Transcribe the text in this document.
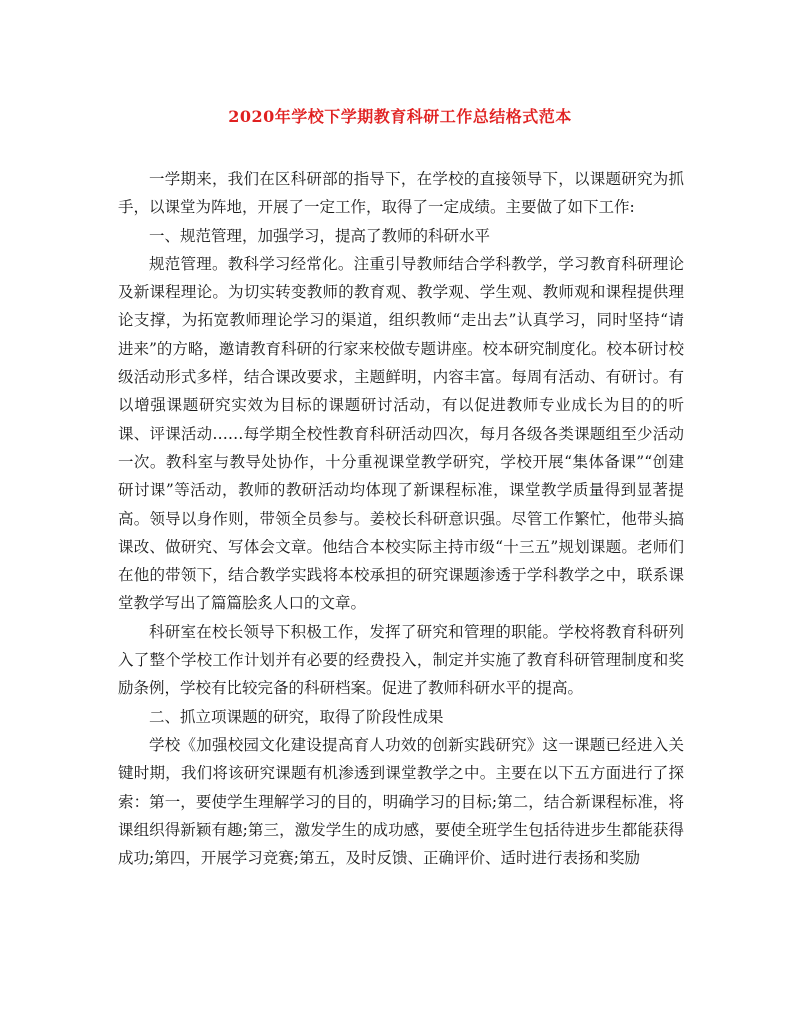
2020年学校下学期教育科研工作总结格式范本

一学期来，我们在区科研部的指导下，在学校的直接领导下，以课题研究为抓手，以课堂为阵地，开展了一定工作，取得了一定成绩。主要做了如下工作:

一、规范管理，加强学习，提高了教师的科研水平

规范管理。教科学习经常化。注重引导教师结合学科教学，学习教育科研理论及新课程理论。为切实转变教师的教育观、教学观、学生观、教师观和课程提供理论支撑，为拓宽教师理论学习的渠道，组织教师“走出去”认真学习，同时坚持“请进来”的方略，邀请教育科研的行家来校做专题讲座。校本研究制度化。校本研讨校级活动形式多样，结合课改要求，主题鲜明，内容丰富。每周有活动、有研讨。有以增强课题研究实效为目标的课题研讨活动，有以促进教师专业成长为目的的听课、评课活动……每学期全校性教育科研活动四次，每月各级各类课题组至少活动一次。教科室与教导处协作，十分重视课堂教学研究，学校开展“集体备课”“创建研讨课”等活动，教师的教研活动均体现了新课程标准，课堂教学质量得到显著提高。领导以身作则，带领全员参与。姜校长科研意识强。尽管工作繁忙，他带头搞课改、做研究、写体会文章。他结合本校实际主持市级“十三五”规划课题。老师们在他的带领下，结合教学实践将本校承担的研究课题渗透于学科教学之中，联系课堂教学写出了篇篇脍炙人口的文章。

科研室在校长领导下积极工作，发挥了研究和管理的职能。学校将教育科研列入了整个学校工作计划并有必要的经费投入，制定并实施了教育科研管理制度和奖励条例，学校有比较完备的科研档案。促进了教师科研水平的提高。

二、抓立项课题的研究，取得了阶段性成果

学校《加强校园文化建设提高育人功效的创新实践研究》这一课题已经进入关键时期，我们将该研究课题有机渗透到课堂教学之中。主要在以下五方面进行了探索：第一，要使学生理解学习的目的，明确学习的目标;第二，结合新课程标准，将课组织得新颖有趣;第三，激发学生的成功感，要使全班学生包括待进步生都能获得成功;第四，开展学习竞赛;第五，及时反馈、正确评价、适时进行表扬和奖励
